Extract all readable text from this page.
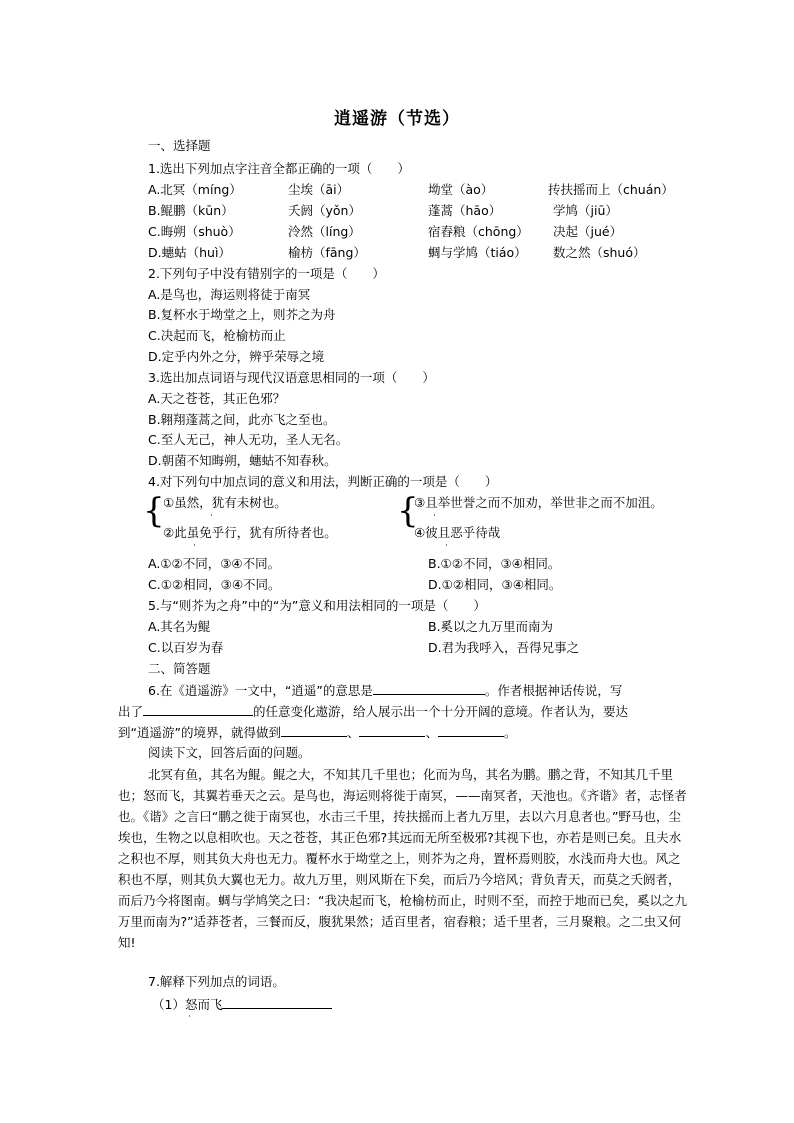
逍遥游（节选）
一、选择题
1.选出下列加点字注音全都正确的一项（　　）
A.北冥（míng）	尘埃（āi）	坳堂（ào）	抟扶摇而上（chuán）
B.鲲鹏（kūn）	夭阏（yǒn）	蓬蒿（hāo）	学鸠（jiū）
C.晦朔（shuò）	泠然（líng）	宿舂粮（chōng） 决起（jué）
D.蟪蛄（huì）	榆枋（fāng）	蜩与学鸠（tiáo） 数之然（shuó）
2.下列句子中没有错别字的一项是（　　）
A.是鸟也，海运则将徒于南冥
B.复杯水于坳堂之上，则芥之为舟
C.决起而飞，枪榆枋而止
D.定乎内外之分，辨乎荣辱之境
3.选出加点词语与现代汉语意思相同的一项（　　）
A.天之苍苍，其正色邪？
B.翱翔蓬蒿之间，此亦飞之至也。
C.至人无己，神人无功，圣人无名。
D.朝菌不知晦朔，蟪蛄不知春秋。
4.对下列句中加点词的意义和用法，判断正确的一项是（　　）
{
①虽然，犹有未树也。
·
②此虽免乎行，犹有所待者也。
·
{
③且举世誉之而不加劝，举世非之而不加沮。
·
④彼且恶乎待哉
·
A.①②不同，③④不同。	B.①②不同，③④相同。
C.①②相同，③④不同。	D.①②相同，③④相同。
5.与“则芥为之舟”中的“为”意义和用法相同的一项是（　　）
A.其名为鲲	B.奚以之九万里而南为
C.以百岁为春	D.君为我呼入，吾得兄事之
二、简答题
6.在《逍遥游》一文中，“逍遥”的意思是	。作者根据神话传说，写
出了	的任意变化遨游，给人展示出一个十分开阔的意境。作者认为，要达
到“逍遥游”的境界，就得做到	、	、	。
阅读下文，回答后面的问题。
北冥有鱼，其名为鲲。鲲之大，不知其几千里也；化而为鸟，其名为鹏。鹏之背，不知其几千里也；怒而飞，其翼若垂天之云。是鸟也，海运则将徙于南冥，——南冥者，天池也。《齐谐》者，志怪者也。《谐》之言曰“鹏之徙于南冥也，水击三千里，抟扶摇而上者九万里，去以六月息者也。”野马也，尘埃也，生物之以息相吹也。天之苍苍，其正色邪?其远而无所至极邪?其视下也，亦若是则已矣。且夫水之积也不厚，则其负大舟也无力。覆杯水于坳堂之上，则芥为之舟，置杯焉则胶，水浅而舟大也。风之积也不厚，则其负大翼也无力。故九万里，则风斯在下矣，而后乃今培风；背负青天，而莫之夭阏者，而后乃今将图南。蜩与学鸠笑之曰：“我决起而飞，枪榆枋而止，时则不至，而控于地而已矣，奚以之九万里而南为?”适莽苍者，三餐而反，腹犹果然；适百里者，宿舂粮；适千里者，三月聚粮。之二虫又何知!
7.解释下列加点的词语。
（1）怒而飞
·
